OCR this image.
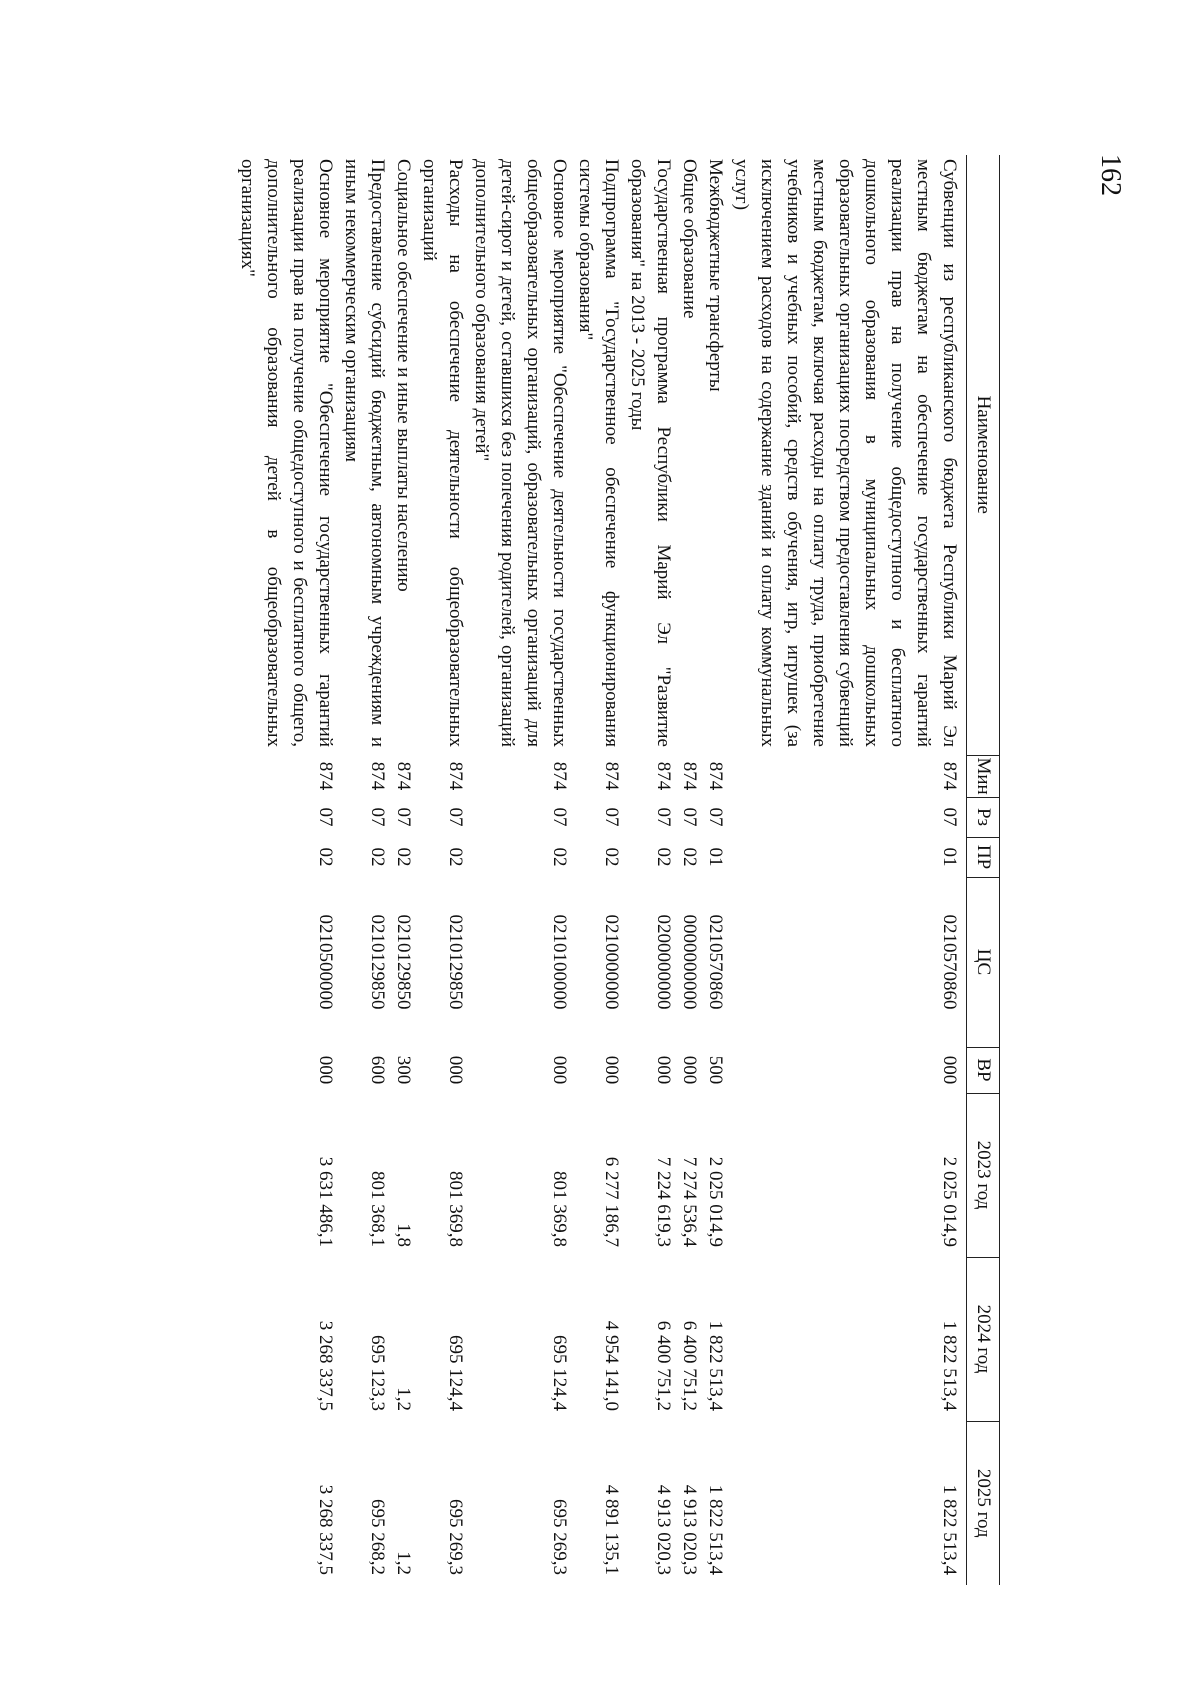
162
Наименование	Мин	Рз	ПР	ЦС	ВР	2023 год	2024 год	2025 год
Субвенции из республиканского бюджета Республики Марий Эл местным бюджетам на обеспечение государственных гарантий реализации прав на получение общедоступного и бесплатного дошкольного образования в муниципальных дошкольных образовательных организациях посредством предоставления субвенций местным бюджетам, включая расходы на оплату труда, приобретение учебников и учебных пособий, средств обучения, игр, игрушек (за исключением расходов на содержание зданий и оплату коммунальных услуг)	874	07	01	0210570860	000	2 025 014,9	1 822 513,4	1 822 513,4
Межбюджетные трансферты	874	07	01	0210570860	500	2 025 014,9	1 822 513,4	1 822 513,4
Общее образование	874	07	02	0000000000	000	7 274 536,4	6 400 751,2	4 913 020,3
Государственная программа Республики Марий Эл "Развитие образования" на 2013 - 2025 годы	874	07	02	0200000000	000	7 224 619,3	6 400 751,2	4 913 020,3
Подпрограмма "Государственное обеспечение функционирования системы образования"	874	07	02	0210000000	000	6 277 186,7	4 954 141,0	4 891 135,1
Основное мероприятие "Обеспечение деятельности государственных общеобразовательных организаций, образовательных организаций для детей-сирот и детей, оставшихся без попечения родителей, организаций дополнительного образования детей"	874	07	02	0210100000	000	801 369,8	695 124,4	695 269,3
Расходы на обеспечение деятельности общеобразовательных организаций	874	07	02	0210129850	000	801 369,8	695 124,4	695 269,3
Социальное обеспечение и иные выплаты населению	874	07	02	0210129850	300	1,8	1,2	1,2
Предоставление субсидий бюджетным, автономным учреждениям и иным некоммерческим организациям	874	07	02	0210129850	600	801 368,1	695 123,3	695 268,2
Основное мероприятие "Обеспечение государственных гарантий реализации прав на получение общедоступного и бесплатного общего, дополнительного образования детей в общеобразовательных организациях"	874	07	02	0210500000	000	3 631 486,1	3 268 337,5	3 268 337,5
